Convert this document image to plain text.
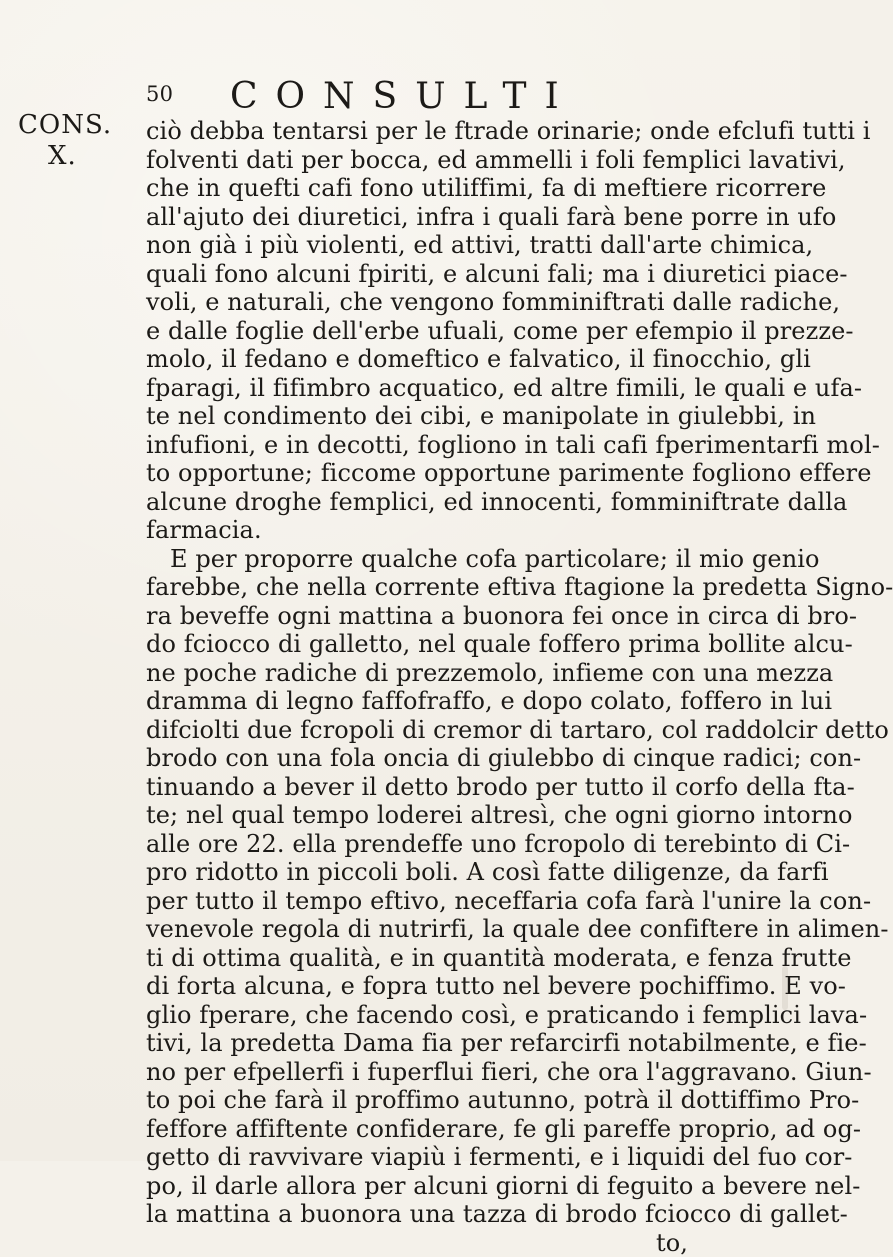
50 CONSULTI
CONS.
X.
ciò debba tentarsi per le ftrade orinarie; onde efclufi tutti i
folventi dati per bocca, ed ammelli i foli femplici lavativi,
che in quefti cafi fono utiliffimi, fa di meftiere ricorrere
all'ajuto dei diuretici, infra i quali farà bene porre in ufo
non già i più violenti, ed attivi, tratti dall'arte chimica,
quali fono alcuni fpiriti, e alcuni fali; ma i diuretici piace-
voli, e naturali, che vengono fomminiftrati dalle radiche,
e dalle foglie dell'erbe ufuali, come per efempio il prezze-
molo, il fedano e domeftico e falvatico, il finocchio, gli
fparagi, il fifimbro acquatico, ed altre fimili, le quali e ufa-
te nel condimento dei cibi, e manipolate in giulebbi, in
infufioni, e in decotti, fogliono in tali cafi fperimentarfi mol-
to opportune; ficcome opportune parimente fogliono effere
alcune droghe femplici, ed innocenti, fomminiftrate dalla
farmacia.
E per proporre qualche cofa particolare; il mio genio
farebbe, che nella corrente eftiva ftagione la predetta Signo-
ra beveffe ogni mattina a buonora fei once in circa di bro-
do fciocco di galletto, nel quale foffero prima bollite alcu-
ne poche radiche di prezzemolo, infieme con una mezza
dramma di legno faffofraffo, e dopo colato, foffero in lui
difciolti due fcropoli di cremor di tartaro, col raddolcir detto
brodo con una fola oncia di giulebbo di cinque radici; con-
tinuando a bever il detto brodo per tutto il corfo della fta-
te; nel qual tempo loderei altresì, che ogni giorno intorno
alle ore 22. ella prendeffe uno fcropolo di terebinto di Ci-
pro ridotto in piccoli boli. A così fatte diligenze, da farfi
per tutto il tempo eftivo, neceffaria cofa farà l'unire la con-
venevole regola di nutrirfi, la quale dee confiftere in alimen-
ti di ottima qualità, e in quantità moderata, e fenza frutte
di forta alcuna, e fopra tutto nel bevere pochiffimo. E vo-
glio fperare, che facendo così, e praticando i femplici lava-
tivi, la predetta Dama fia per refarcirfi notabilmente, e fie-
no per efpellerfi i fuperflui fieri, che ora l'aggravano. Giun-
to poi che farà il proffimo autunno, potrà il dottiffimo Pro-
feffore affiftente confiderare, fe gli pareffe proprio, ad og-
getto di ravvivare viapiù i fermenti, e i liquidi del fuo cor-
po, il darle allora per alcuni giorni di feguito a bevere nel-
la mattina a buonora una tazza di brodo fciocco di gallet-
to,
